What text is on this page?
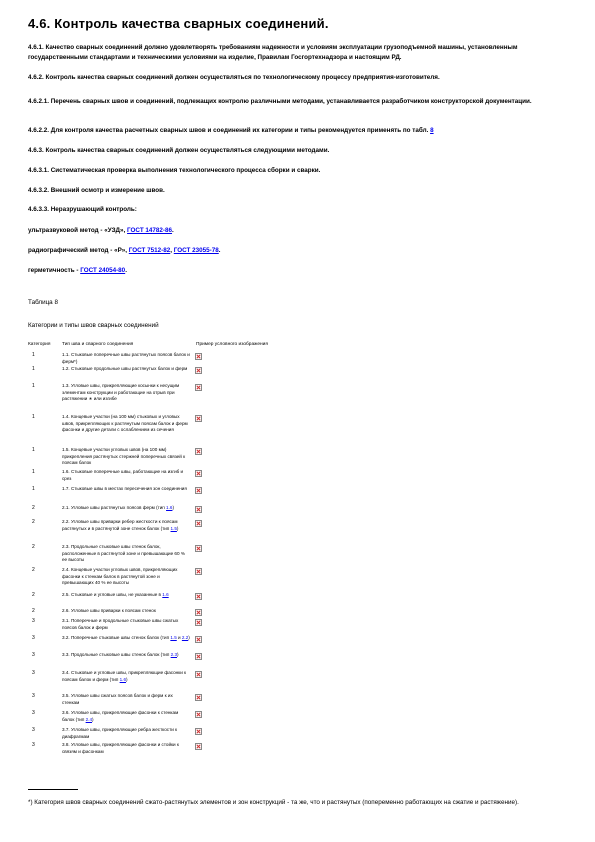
4.6. Контроль качества сварных соединений.
4.6.1. Качество сварных соединений должно удовлетворять требованиям надежности и условиям эксплуатации грузоподъемной машины, установленным государственными стандартами и техническими условиями на изделие, Правилам Госгортехнадзора и настоящим РД.
4.6.2. Контроль качества сварных соединений должен осуществляться по технологическому процессу предприятия-изготовителя.
4.6.2.1. Перечень сварных швов и соединений, подлежащих контролю различными методами, устанавливается разработчиком конструкторской документации.
4.6.2.2. Для контроля качества расчетных сварных швов и соединений их категории и типы рекомендуется применять по табл. 8
4.6.3. Контроль качества сварных соединений должен осуществляться следующими методами.
4.6.3.1. Систематическая проверка выполнения технологического процесса сборки и сварки.
4.6.3.2. Внешний осмотр и измерение швов.
4.6.3.3. Неразрушающий контроль:
ультразвуковой метод - «УЗД», ГОСТ 14782-86.
радиографический метод - «Р», ГОСТ 7512-82, ГОСТ 23055-78.
герметичность - ГОСТ 24054-80.
Таблица 8
Категории и типы швов сварных соединений
Категория Тип шва и сварного соединения	Пример условного изображения
1	1.1. Стыковые поперечные швы растянутых поясов балок и ферм*)
1	1.2. Стыковые продольные швы растянутых балок и ферм
1	1.3. Угловые швы, прикрепляющие косынки к несущим элементам конструкции и работающие на отрыв при растяжении ∗ или изгибе
1	1.4. Концевые участки (на 100 мм) стыковых и угловых швов, прикрепляющих к растянутым поясам балок и ферм фасонки и другие детали с ослаблением из сечения
1	1.5. Концевые участки угловых швов (на 100 мм) прикрепления растянутых стержней поперечных связей к поясам балок
1	1.6. Стыковые поперечные швы, работающие на изгиб и срез
1	1.7. Стыковые швы в местах пересечения зон соединения
2	2.1. Угловые швы растянутых поясов ферм (тип 1.6)
2	2.2. Угловые швы приварки ребер жесткости к поясам растянутых и в растянутой зоне стенок балок (тип 1.5)
2	2.3. Продольные стыковые швы стенок балок, расположенные в растянутой зоне и превышающие 60 % ее высоты
2	2.4. Концевые участки угловых швов, прикрепляющих фасонки к стенкам балок в растянутой зоне и превышающих 40 % ее высоты
2	2.5. Стыковые и угловые швы, не указанные в 1.6
2	2.6. Угловые швы приварки к поясам стенок
3	3.1. Поперечные и продольные стыковые швы сжатых поясов балок и ферм
3	3.2. Поперечные стыковые швы стенок балок (тип 1.5 и 2.2)
3	3.3. Продольные стыковые швы стенок балок (тип 2.3)
3	3.4. Стыковые и угловые швы, прикрепляющие фасонки к поясам балок и ферм (тип 1.6)
3	3.5. Угловые швы сжатых поясов балок и ферм к их стенкам
3	3.6. Угловые швы, прикрепляющие фасонки к стенкам балок (тип 2.4)
3	3.7. Угловые швы, прикрепляющие ребра жесткости к диафрагмам
3	3.8. Угловые швы, прикрепляющие фасонки и стойки к связям и фасонкам
*) Категория швов сварных соединений сжато-растянутых элементов и зон конструкций - та же, что и растянутых (попеременно работающих на сжатие и растяжение).
